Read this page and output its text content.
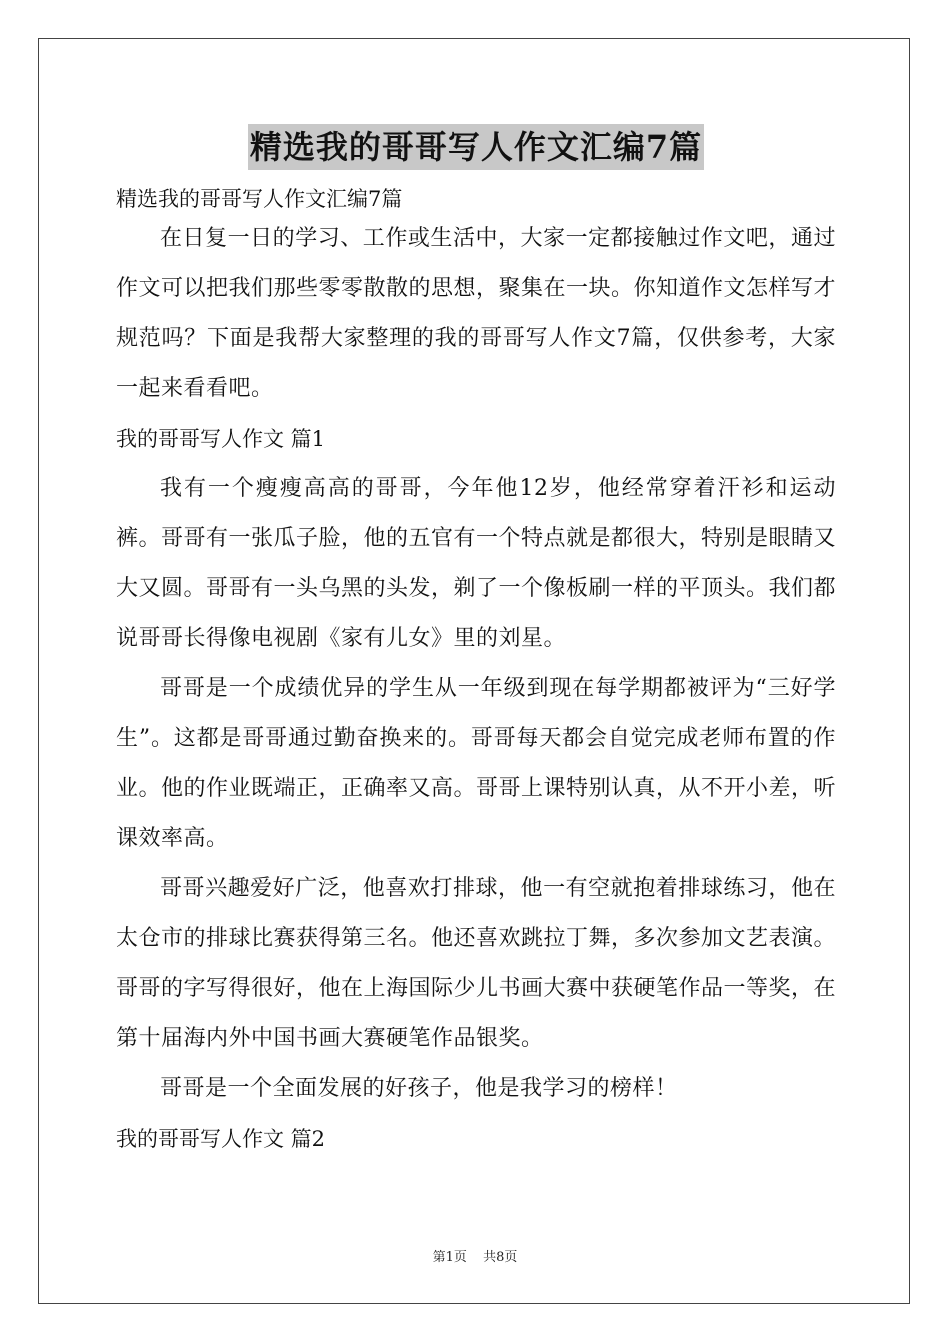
精选我的哥哥写人作文汇编7篇

精选我的哥哥写人作文汇编7篇

在日复一日的学习、工作或生活中，大家一定都接触过作文吧，通过作文可以把我们那些零零散散的思想，聚集在一块。你知道作文怎样写才规范吗？下面是我帮大家整理的我的哥哥写人作文7篇，仅供参考，大家一起来看看吧。

我的哥哥写人作文 篇1

我有一个瘦瘦高高的哥哥，今年他12岁，他经常穿着汗衫和运动裤。哥哥有一张瓜子脸，他的五官有一个特点就是都很大，特别是眼睛又大又圆。哥哥有一头乌黑的头发，剃了一个像板刷一样的平顶头。我们都说哥哥长得像电视剧《家有儿女》里的刘星。

哥哥是一个成绩优异的学生从一年级到现在每学期都被评为“三好学生”。这都是哥哥通过勤奋换来的。哥哥每天都会自觉完成老师布置的作业。他的作业既端正，正确率又高。哥哥上课特别认真，从不开小差，听课效率高。

哥哥兴趣爱好广泛，他喜欢打排球，他一有空就抱着排球练习，他在太仓市的排球比赛获得第三名。他还喜欢跳拉丁舞，多次参加文艺表演。哥哥的字写得很好，他在上海国际少儿书画大赛中获硬笔作品一等奖，在第十届海内外中国书画大赛硬笔作品银奖。

哥哥是一个全面发展的好孩子，他是我学习的榜样！

我的哥哥写人作文 篇2

第1页 共8页
